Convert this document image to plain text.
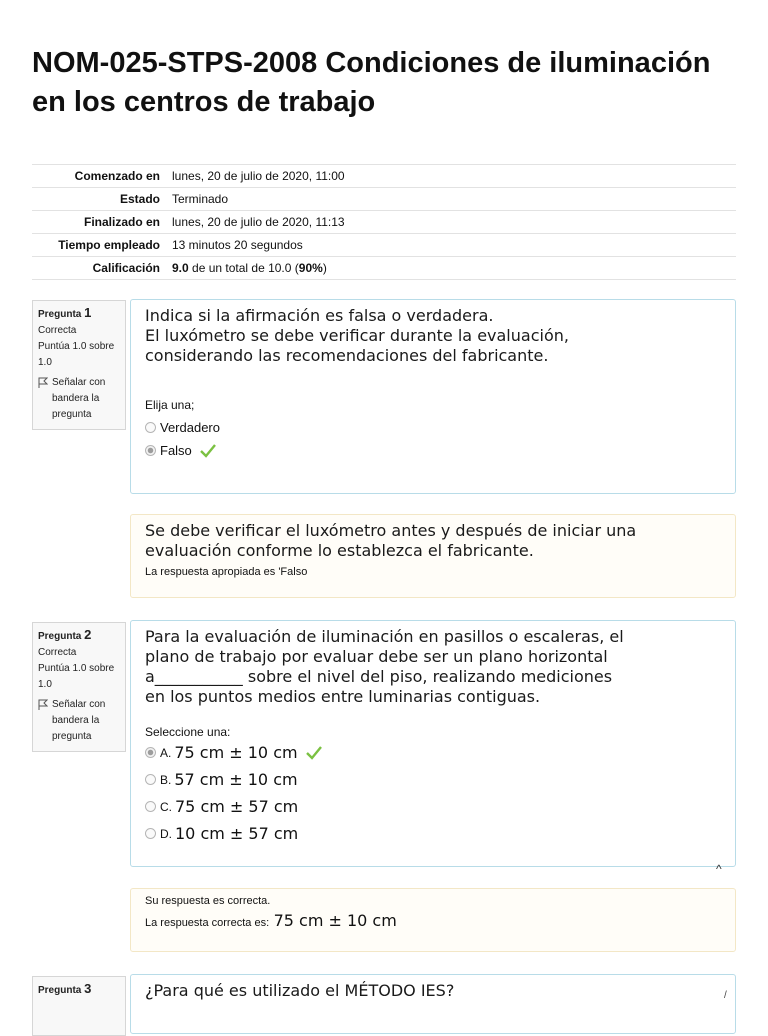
NOM-025-STPS-2008 Condiciones de iluminación en los centros de trabajo
Comenzado en	lunes, 20 de julio de 2020, 11:00
Estado	Terminado
Finalizado en	lunes, 20 de julio de 2020, 11:13
Tiempo empleado	13 minutos 20 segundos
Calificación	9.0 de un total de 10.0 (90%)
Pregunta 1
Correcta
Puntúa 1.0 sobre 1.0
Señalar con bandera la pregunta
Indica si la afirmación es falsa o verdadera.
El luxómetro se debe verificar durante la evaluación,
considerando las recomendaciones del fabricante.
Elija una;
Verdadero
Falso
Se debe verificar el luxómetro antes y después de iniciar una
evaluación conforme lo establezca el fabricante.
La respuesta apropiada es 'Falso
Pregunta 2
Correcta
Puntúa 1.0 sobre 1.0
Señalar con bandera la pregunta
Para la evaluación de iluminación en pasillos o escaleras, el
plano de trabajo por evaluar debe ser un plano horizontal
a___________ sobre el nivel del piso, realizando mediciones
en los puntos medios entre luminarias contiguas.
Seleccione una:
A. 75 cm ± 10 cm
B. 57 cm ± 10 cm
C. 75 cm ± 57 cm
D. 10 cm ± 57 cm
^
Su respuesta es correcta.
La respuesta correcta es: 75 cm ± 10 cm
Pregunta 3	¿Para qué es utilizado el MÉTODO IES?	/
